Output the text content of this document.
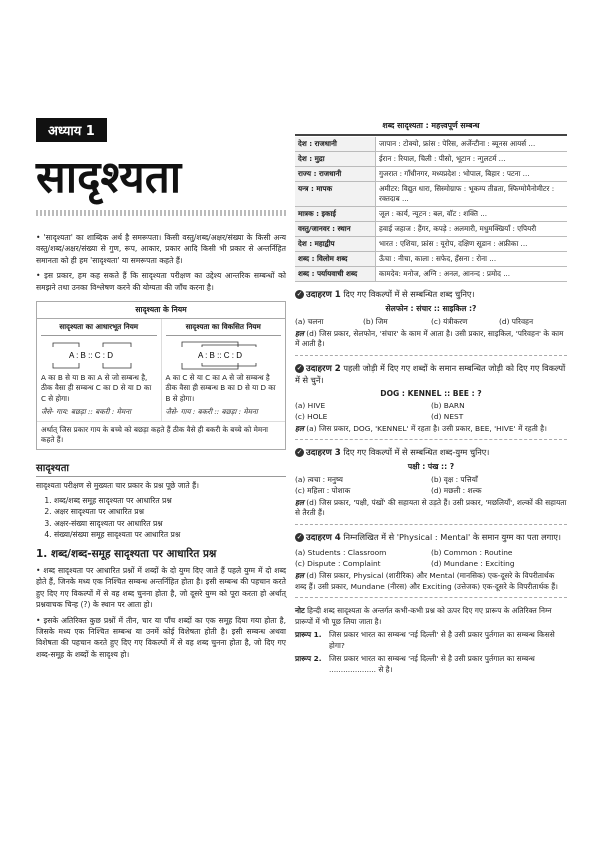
अध्याय 1
सादृश्यता

• 'सादृश्यता' का शाब्दिक अर्थ है समरूपता। किसी वस्तु/शब्द/अक्षर/संख्या के किसी अन्य वस्तु/शब्द/अक्षर/संख्या से गुण, रूप, आकार, प्रकार आदि किसी भी प्रकार से अन्तर्निहित समानता को ही हम 'सादृश्यता' या समरूपता कहते हैं।

• इस प्रकार, हम कह सकते हैं कि सादृश्यता परीक्षण का उद्देश्य आन्तरिक सम्बन्धों को समझने तथा उनका विश्लेषण करने की योग्यता की जाँच करना है।

सादृश्यता के नियम
सादृश्यता का आधारभूत नियम
A : B :: C : D
A का B से या B का A से जो सम्बन्ध है, ठीक वैसा ही सम्बन्ध C का D से या D का C से होगा।
जैसे- गाय: बछड़ा :: बकरी : मेमना
सादृश्यता का विकसित नियम
A : B :: C : D
A का C से या C का A से जो सम्बन्ध है ठीक वैसा ही सम्बन्ध B का D से या D का B से होगा।
जैसे- गाय : बकरी :: बछड़ा : मेमना
अर्थात् जिस प्रकार गाय के बच्चे को बछड़ा कहते हैं ठीक वैसे ही बकरी के बच्चे को मेमना कहते हैं।
सादृश्यता

सादृश्यता परीक्षण से मुख्यतः चार प्रकार के प्रश्न पूछे जाते हैं।

1. शब्द/शब्द समूह सादृश्यता पर आधारित प्रश्न
2. अक्षर सादृश्यता पर आधारित प्रश्न
3. अक्षर-संख्या सादृश्यता पर आधारित प्रश्न
4. संख्या/संख्या समूह सादृश्यता पर आधारित प्रश्न
1. शब्द/शब्द-समूह सादृश्यता पर आधारित प्रश्न

• शब्द सादृश्यता पर आधारित प्रश्नों में शब्दों के दो युग्म दिए जाते हैं पहले युग्म में दो शब्द होते हैं, जिनके मध्य एक निश्चित सम्बन्ध अन्तर्निहित होता है। इसी सम्बन्ध की पहचान करते हुए दिए गए विकल्पों में से वह शब्द चुनना होता है, जो दूसरे युग्म को पूरा करता हो अर्थात् प्रश्नवाचक चिन्ह (?) के स्थान पर आता हो।

• इसके अतिरिक्त कुछ प्रश्नों में तीन, चार या पाँच शब्दों का एक समूह दिया गया होता है, जिसके मध्य एक निश्चित सम्बन्ध या उनमें कोई विशेषता होती है। इसी सम्बन्ध अथवा विशेषता की पहचान करते हुए दिए गए विकल्पों में से वह शब्द चुनना होता है, जो दिए गए शब्द-समूह के शब्दों के सादृश्य हो।

शब्द सादृश्यता : महत्त्वपूर्ण सम्बन्ध
देश : राजधानी	जापान : टोक्यो, फ्रांस : पेरिस, अर्जेन्टीना : ब्यूनस आयर्स ...
देश : मुद्रा	ईरान : रियाल, चिली : पीसो, भूटान : न्गुलटर्म ...
राज्य : राजधानी	गुजरात : गाँधीनगर, मध्यप्रदेश : भोपाल, बिहार : पटना ...
यन्त्र : मापक	अमीटर: विद्युत धारा, सिस्मोग्राफ : भूकम्प तीव्रता, स्फिग्मोमैनोमीटर : रक्तदाब ...
मात्रक : इकाई	जूल : कार्य, न्यूटन : बल, वॉट : शक्ति ...
वस्तु/जानवर : स्थान	हवाई जहाज : हैंगर, कपड़े : अलमारी, मधुमक्खियाँ : एपियरी
देश : महाद्वीप	भारत : एशिया, फ्रांस : यूरोप, दक्षिण सूडान : अफ्रीका ...
शब्द : विलोम शब्द	ऊँचा : नीचा, काला : सफेद, हँसना : रोना ...
शब्द : पर्यायवाची शब्द	कामदेव: मनोज, अग्नि : अनल, आनन्द : प्रमोद ...
✓ उदाहरण 1 दिए गए विकल्पों में से सम्बन्धित शब्द चुनिए।
सेलफोन : संचार :: साइकिल :?
(a) चलना	(b) जिम	(c) यंत्रीकरण	(d) परिवहन

हल (d) जिस प्रकार, सेलफोन, 'संचार' के काम में आता है। उसी प्रकार, साइकिल, 'परिवहन' के काम में आती है।

✓ उदाहरण 2 पहली जोड़ी में दिए गए शब्दों के समान सम्बन्धित जोड़ी को दिए गए विकल्पों में से चुनें।
DOG : KENNEL :: BEE : ?
(a) HIVE	(b) BARN
(c) HOLE	(d) NEST

हल (a) जिस प्रकार, DOG, 'KENNEL' में रहता है। उसी प्रकार, BEE, 'HIVE' में रहती है।

✓ उदाहरण 3 दिए गए विकल्पों में से सम्बन्धित शब्द-युग्म चुनिए।
पक्षी : पंख :: ?
(a) त्वचा : मनुष्य	(b) वृक्ष : पत्तियाँ
(c) महिला : पोशाक	(d) मछली : शल्क

हल (d) जिस प्रकार, 'पक्षी, पंखों' की सहायता से उड़ते हैं। उसी प्रकार, 'मछलियाँ', शल्कों की सहायता से तैरती हैं।

✓ उदाहरण 4 निम्नलिखित में से 'Physical : Mental' के समान युग्म का पता लगाए।
(a) Students : Classroom	(b) Common : Routine
(c) Dispute : Complaint	(d) Mundane : Exciting

हल (d) जिस प्रकार, Physical (शारीरिक) और Mental (मानसिक) एक-दूसरे के विपरीतार्थक शब्द हैं। उसी प्रकार, Mundane (नीरस) और Exciting (उत्तेजक) एक-दूसरे के विपरीतार्थक हैं।

नोट हिन्दी शब्द सादृश्यता के अन्तर्गत कभी-कभी प्रश्न को ऊपर दिए गए प्रारूप के अतिरिक्त निम्न प्रारूपों में भी पूछ लिया जाता है।
प्रारूप 1.	जिस प्रकार भारत का सम्बन्ध 'नई दिल्ली' से है उसी प्रकार पुर्तगाल का सम्बन्ध किससे होगा?
प्रारूप 2.	जिस प्रकार भारत का सम्बन्ध 'नई दिल्ली' से है उसी प्रकार पुर्तगाल का सम्बन्ध .................... से है।
